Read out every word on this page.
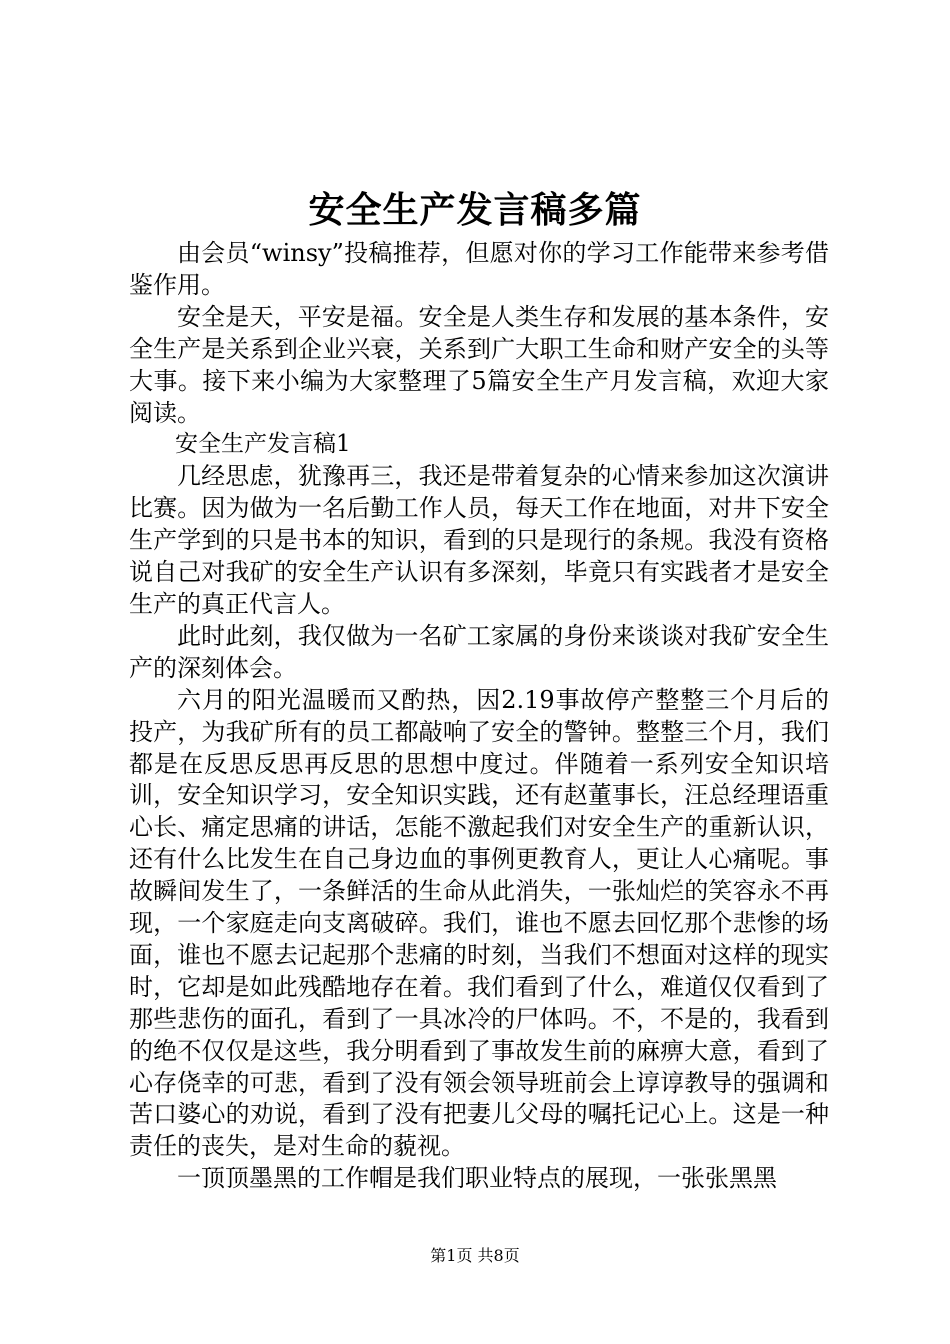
安全生产发言稿多篇

由会员“winsy”投稿推荐，但愿对你的学习工作能带来参考借鉴作用。

安全是天，平安是福。安全是人类生存和发展的基本条件，安全生产是关系到企业兴衰，关系到广大职工生命和财产安全的头等大事。接下来小编为大家整理了5篇安全生产月发言稿，欢迎大家阅读。

安全生产发言稿1

几经思虑，犹豫再三，我还是带着复杂的心情来参加这次演讲比赛。因为做为一名后勤工作人员，每天工作在地面，对井下安全生产学到的只是书本的知识，看到的只是现行的条规。我没有资格说自己对我矿的安全生产认识有多深刻，毕竟只有实践者才是安全生产的真正代言人。

此时此刻，我仅做为一名矿工家属的身份来谈谈对我矿安全生产的深刻体会。

六月的阳光温暖而又酌热，因2.19事故停产整整三个月后的投产，为我矿所有的员工都敲响了安全的警钟。整整三个月，我们都是在反思反思再反思的思想中度过。伴随着一系列安全知识培训，安全知识学习，安全知识实践，还有赵董事长，汪总经理语重心长、痛定思痛的讲话，怎能不激起我们对安全生产的重新认识，还有什么比发生在自己身边血的事例更教育人，更让人心痛呢。事故瞬间发生了，一条鲜活的生命从此消失，一张灿烂的笑容永不再现，一个家庭走向支离破碎。我们，谁也不愿去回忆那个悲惨的场面，谁也不愿去记起那个悲痛的时刻，当我们不想面对这样的现实时，它却是如此残酷地存在着。我们看到了什么，难道仅仅看到了那些悲伤的面孔，看到了一具冰冷的尸体吗。不，不是的，我看到的绝不仅仅是这些，我分明看到了事故发生前的麻痹大意，看到了心存侥幸的可悲，看到了没有领会领导班前会上谆谆教导的强调和苦口婆心的劝说，看到了没有把妻儿父母的嘱托记心上。这是一种责任的丧失，是对生命的藐视。

一顶顶墨黑的工作帽是我们职业特点的展现，一张张黑黑

第1页 共8页
